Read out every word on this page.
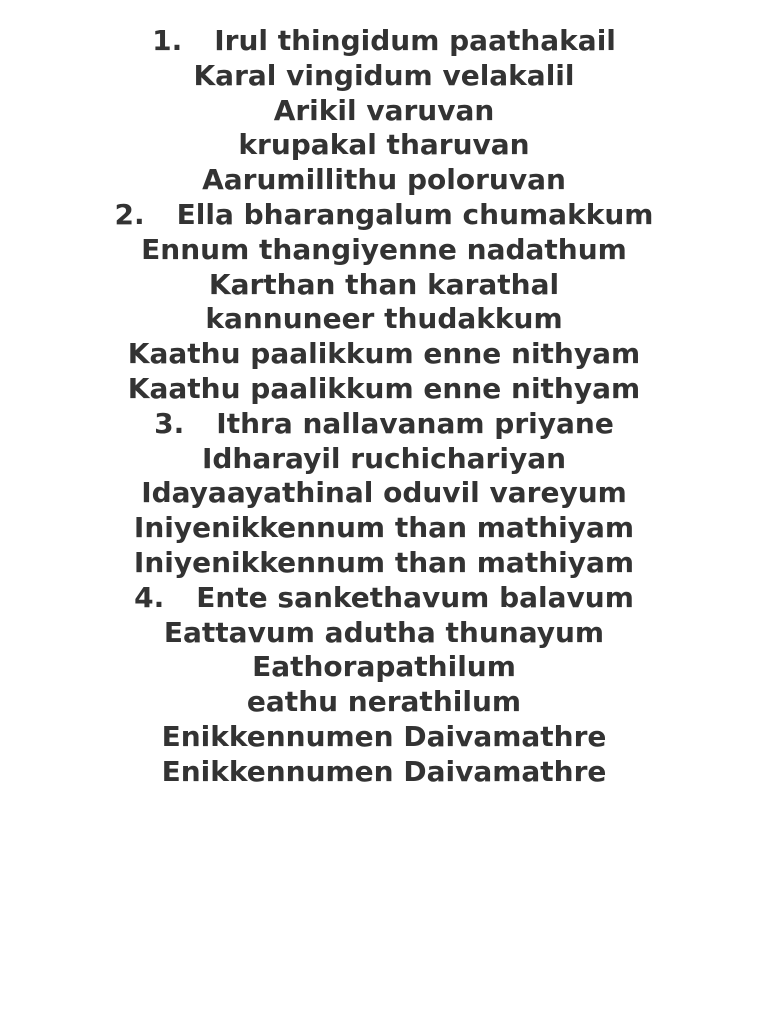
1. Irul thingidum paathakail
Karal vingidum velakalil
Arikil varuvan
krupakal tharuvan
Aarumillithu poloruvan
2. Ella bharangalum chumakkum
Ennum thangiyenne nadathum
Karthan than karathal
kannuneer thudakkum
Kaathu paalikkum enne nithyam
Kaathu paalikkum enne nithyam
3. Ithra nallavanam priyane
Idharayil ruchichariyan
Idayaayathinal oduvil vareyum
Iniyenikkennum than mathiyam
Iniyenikkennum than mathiyam
4. Ente sankethavum balavum
Eattavum adutha thunayum
Eathorapathilum
eathu nerathilum
Enikkennumen Daivamathre
Enikkennumen Daivamathre
